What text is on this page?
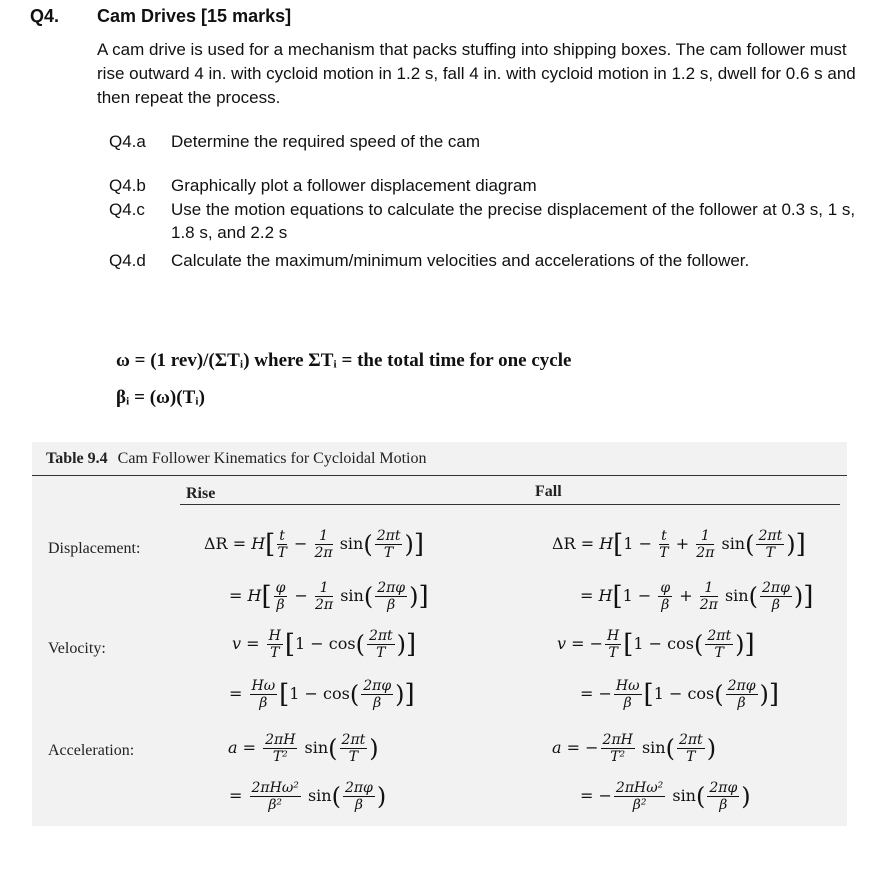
Q4. Cam Drives [15 marks]
A cam drive is used for a mechanism that packs stuffing into shipping boxes. The cam follower must rise outward 4 in. with cycloid motion in 1.2 s, fall 4 in. with cycloid motion in 1.2 s, dwell for 0.6 s and then repeat the process.
Q4.a Determine the required speed of the cam
Q4.b Graphically plot a follower displacement diagram
Q4.c Use the motion equations to calculate the precise displacement of the follower at 0.3 s, 1 s, 1.8 s, and 2.2 s
Q4.d Calculate the maximum/minimum velocities and accelerations of the follower.
ω = (1 rev)/(ΣTᵢ) where ΣTᵢ = the total time for one cycle
βᵢ = (ω)(Tᵢ)
Table 9.4 Cam Follower Kinematics for Cycloidal Motion
Rise	Fall
Displacement:
Velocity:
Acceleration:
$\Delta R = H[ \frac{t}{T} - \frac{1}{2\pi} \sin( \frac{2\pi t}{T}$ )]
= $H[ \frac{\varphi}{\beta} - \frac{1}{2\pi} \sin( \frac{2\pi\varphi}{\beta}$ )]
$v = \frac{H}{T} [1 - \cos( \frac{2\pi t}{T}$ )]
= $\frac{H\omega}{\beta} [1 - \cos( \frac{2\pi\varphi}{\beta}$ )]
$a = \frac{2\pi H}{\text{T²}} \sin( \frac{2\pi t}{T}$ )
= $\frac{\text{2πHω²}}{\text{β²}} \sin( \frac{2\pi\varphi}{\beta}$ )
$\Delta R = H[1 - \frac{t}{T} + \frac{1}{2\pi} \sin( \frac{2\pi t}{T}$ )]
= $H[1 - \frac{\varphi}{\beta} + \frac{1}{2\pi} \sin( \frac{2\pi\varphi}{\beta}$ )]
v = − $\frac{H}{T} [1 - \cos( \frac{2\pi t}{T}$ )]
= − $\frac{H\omega}{\beta} [1 - \cos( \frac{2\pi\varphi}{\beta}$ )]
a = − $\frac{2\pi H}{\text{T²}} \sin( \frac{2\pi t}{T}$ )
= − $\frac{\text{2πHω²}}{\text{β²}} \sin( \frac{2\pi\varphi}{\beta}$ )
